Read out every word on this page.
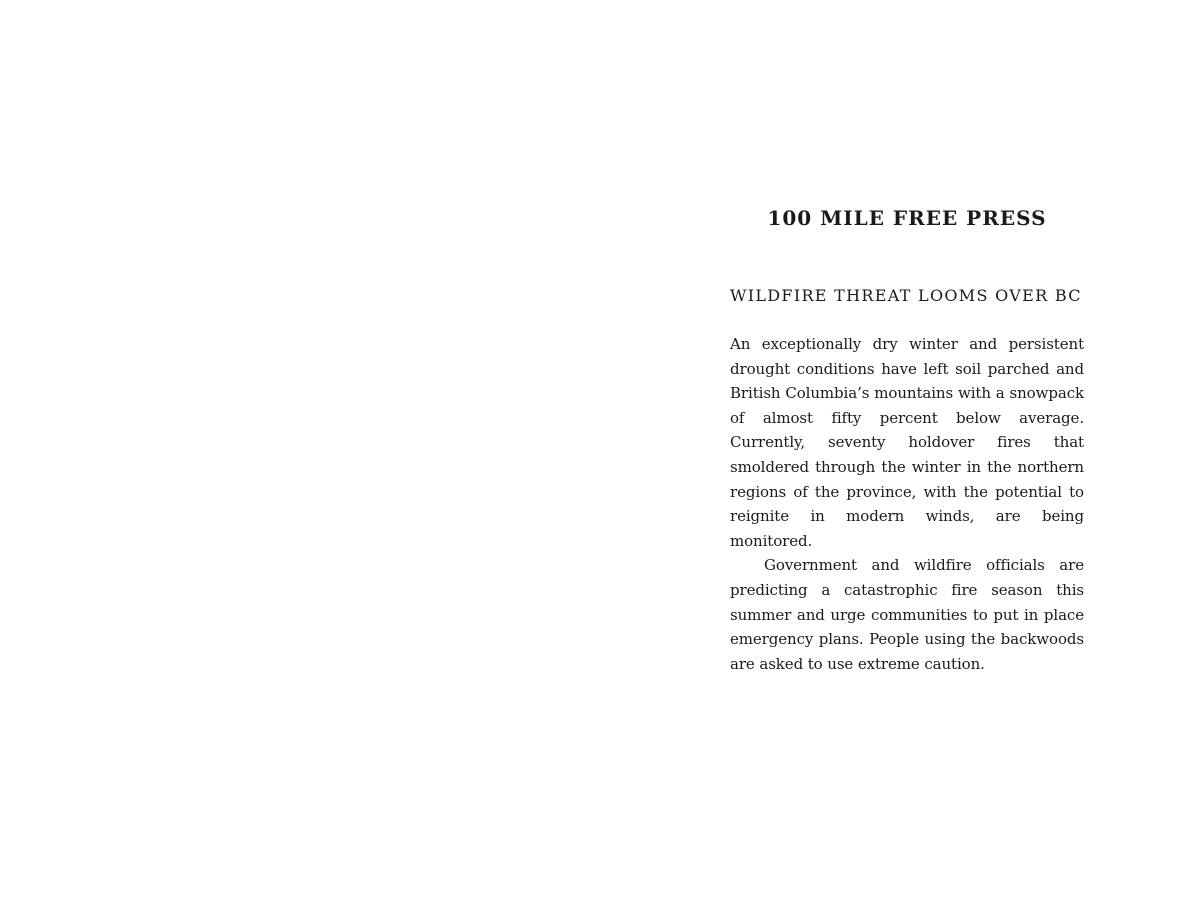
100 MILE FREE PRESS
WILDFIRE THREAT LOOMS OVER BC

An exceptionally dry winter and persistent drought conditions have left soil parched and British Columbia’s mountains with a snowpack of almost fifty percent below average. Currently, seventy holdover fires that smoldered through the winter in the northern regions of the province, with the potential to reignite in modern winds, are being monitored.

Government and wildfire officials are predicting a catastrophic fire season this summer and urge communities to put in place emergency plans. People using the backwoods are asked to use extreme caution.
